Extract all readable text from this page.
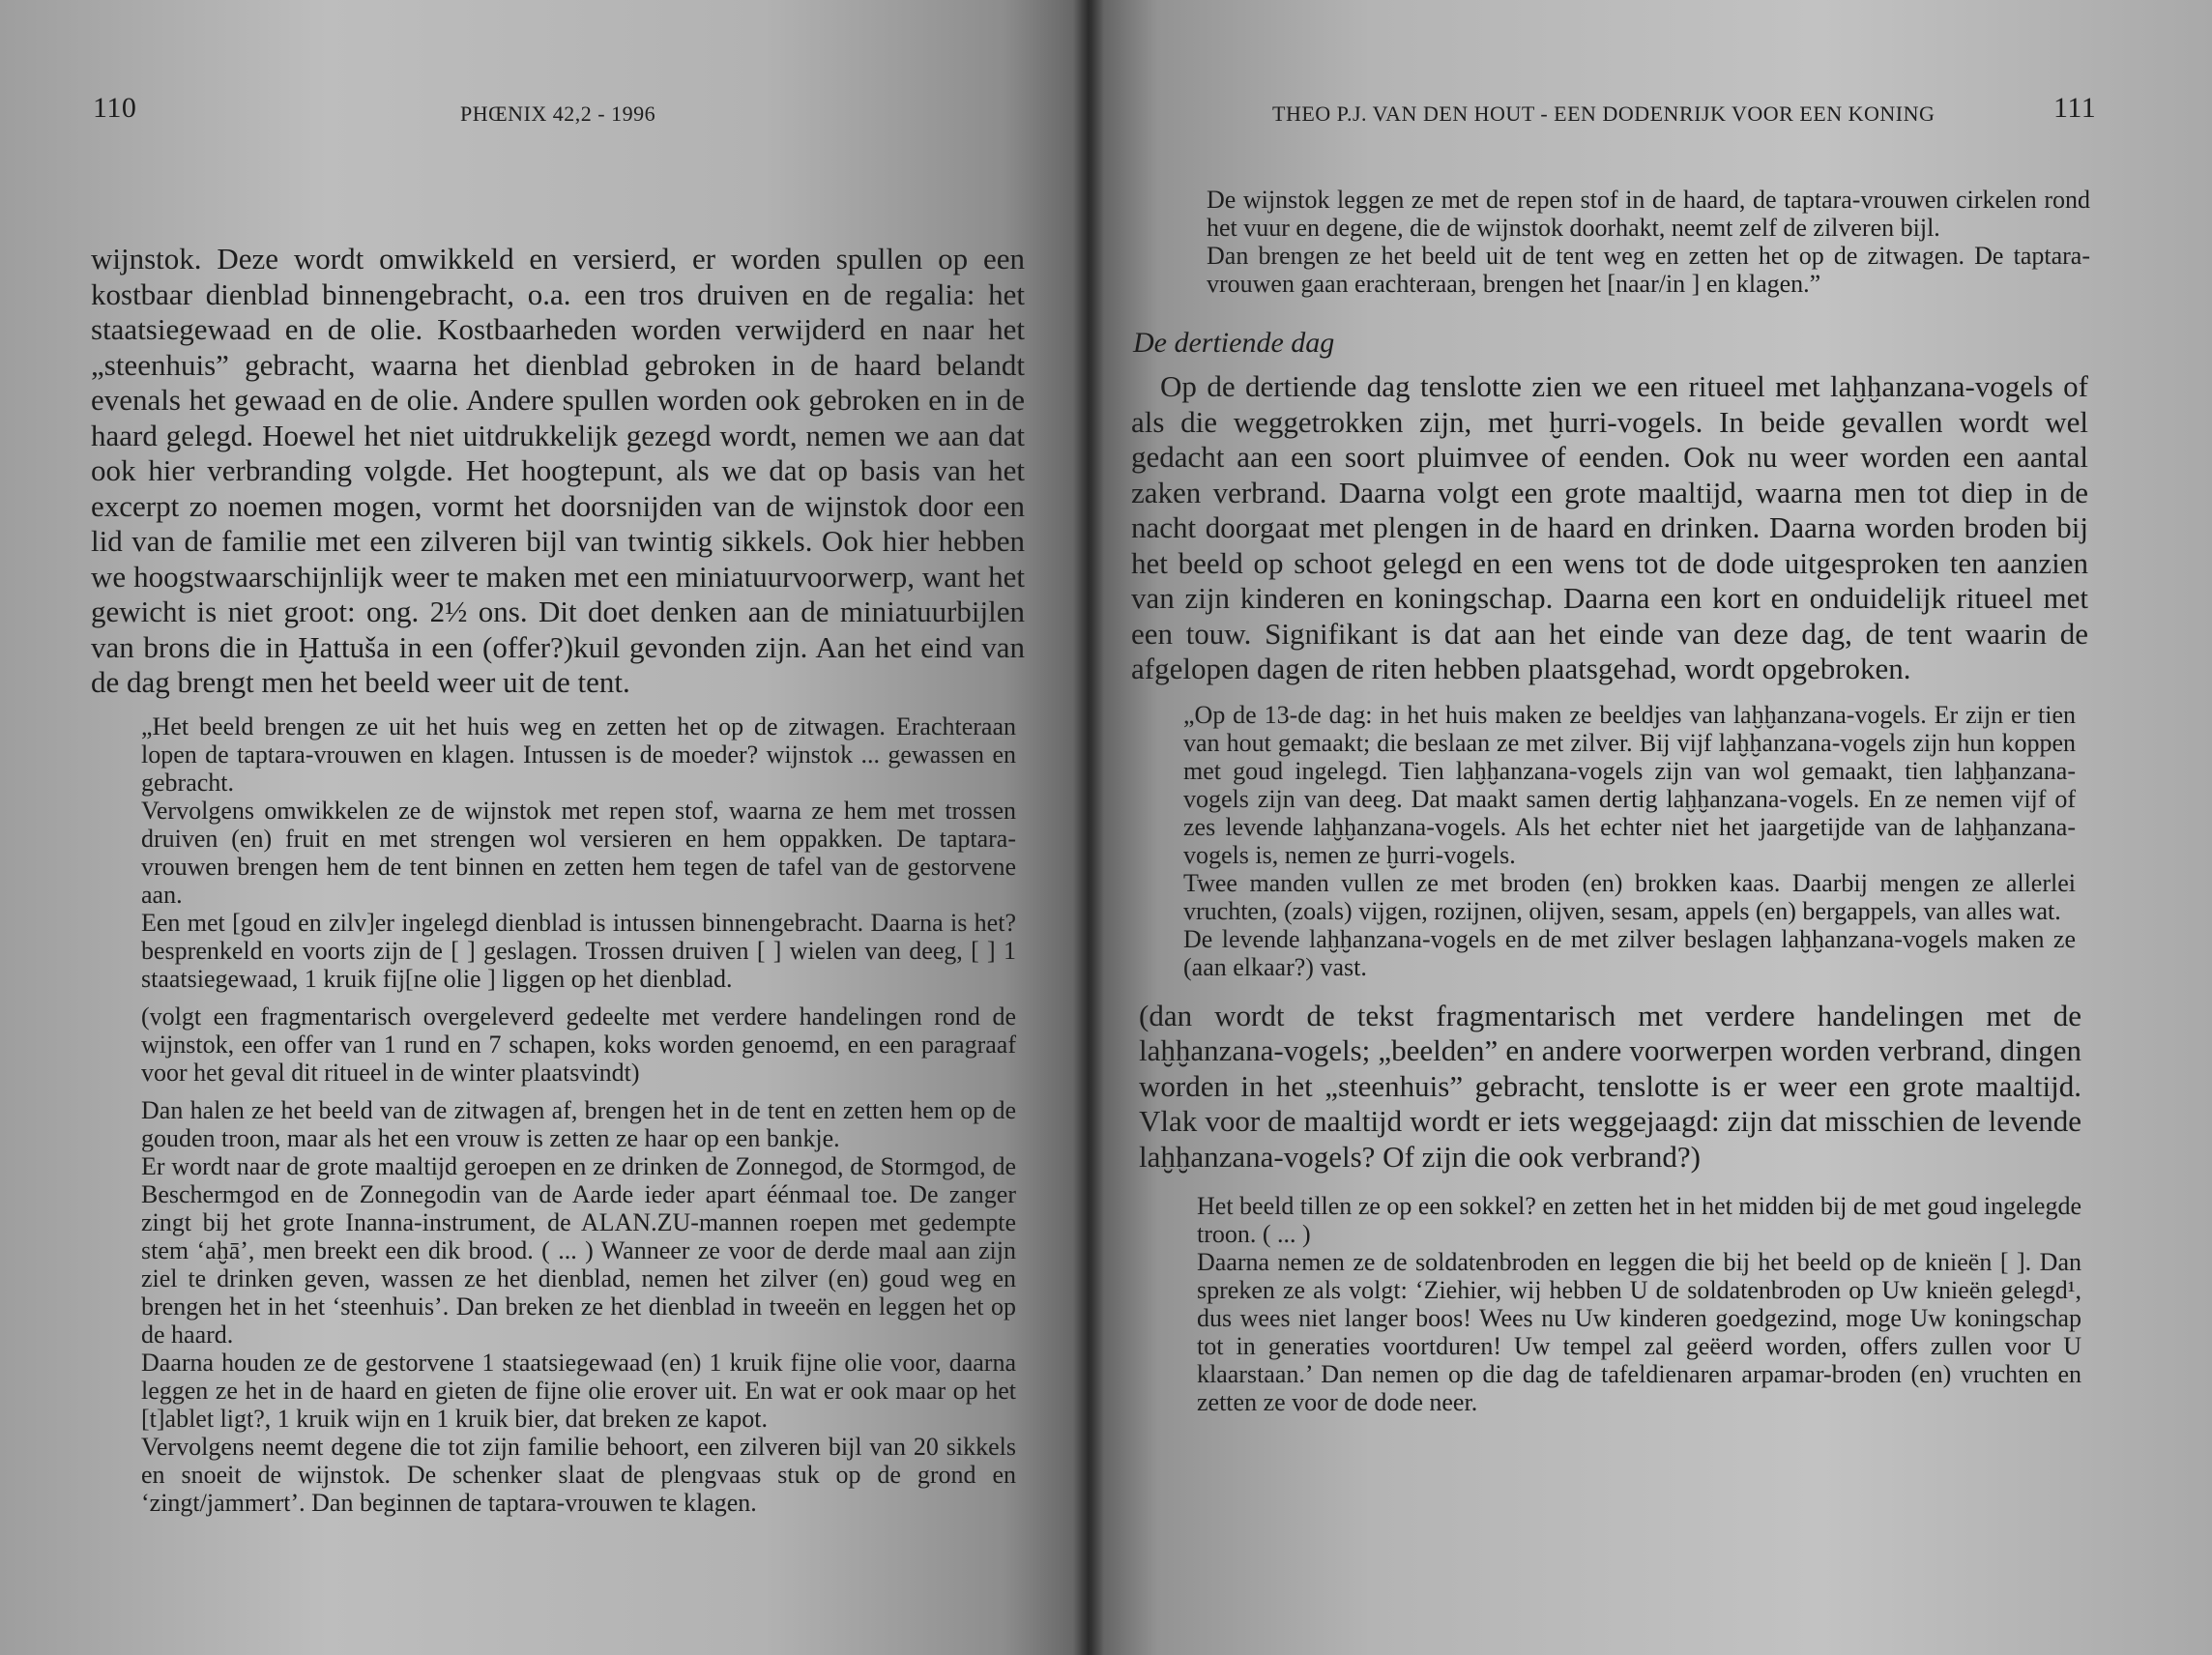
110	PHŒNIX 42,2 - 1996

wijnstok. Deze wordt omwikkeld en versierd, er worden spullen op een kostbaar dienblad binnengebracht, o.a. een tros druiven en de regalia: het staatsiegewaad en de olie. Kostbaarheden worden verwijderd en naar het „steenhuis” gebracht, waarna het dienblad gebroken in de haard belandt evenals het gewaad en de olie. Andere spullen worden ook gebroken en in de haard gelegd. Hoewel het niet uitdrukkelijk gezegd wordt, nemen we aan dat ook hier verbranding volgde. Het hoogtepunt, als we dat op basis van het excerpt zo noemen mogen, vormt het doorsnijden van de wijnstok door een lid van de familie met een zilveren bijl van twintig sikkels. Ook hier hebben we hoogstwaarschijnlijk weer te maken met een miniatuurvoorwerp, want het gewicht is niet groot: ong. 2½ ons. Dit doet denken aan de miniatuurbijlen van brons die in Ḫattuša in een (offer?)kuil gevonden zijn. Aan het eind van de dag brengt men het beeld weer uit de tent.

„Het beeld brengen ze uit het huis weg en zetten het op de zitwagen. Erachteraan lopen de taptara-vrouwen en klagen. Intussen is de moeder? wijnstok ... gewassen en gebracht.

Vervolgens omwikkelen ze de wijnstok met repen stof, waarna ze hem met trossen druiven (en) fruit en met strengen wol versieren en hem oppakken. De taptara-vrouwen brengen hem de tent binnen en zetten hem tegen de tafel van de gestorvene aan.

Een met [goud en zilv]er ingelegd dienblad is intussen binnengebracht. Daarna is het? besprenkeld en voorts zijn de [ ] geslagen. Trossen druiven [ ] wielen van deeg, [ ] 1 staatsiegewaad, 1 kruik fij[ne olie ] liggen op het dienblad.

(volgt een fragmentarisch overgeleverd gedeelte met verdere handelingen rond de wijnstok, een offer van 1 rund en 7 schapen, koks worden genoemd, en een paragraaf voor het geval dit ritueel in de winter plaatsvindt)

Dan halen ze het beeld van de zitwagen af, brengen het in de tent en zetten hem op de gouden troon, maar als het een vrouw is zetten ze haar op een bankje.

Er wordt naar de grote maaltijd geroepen en ze drinken de Zonnegod, de Stormgod, de Beschermgod en de Zonnegodin van de Aarde ieder apart éénmaal toe. De zanger zingt bij het grote Inanna-instrument, de ALAN.ZU-mannen roepen met gedempte stem ‘aḫā’, men breekt een dik brood. ( ... ) Wanneer ze voor de derde maal aan zijn ziel te drinken geven, wassen ze het dienblad, nemen het zilver (en) goud weg en brengen het in het ‘steenhuis’. Dan breken ze het dienblad in tweeën en leggen het op de haard.

Daarna houden ze de gestorvene 1 staatsiegewaad (en) 1 kruik fijne olie voor, daarna leggen ze het in de haard en gieten de fijne olie erover uit. En wat er ook maar op het [t]ablet ligt?, 1 kruik wijn en 1 kruik bier, dat breken ze kapot.

Vervolgens neemt degene die tot zijn familie behoort, een zilveren bijl van 20 sikkels en snoeit de wijnstok. De schenker slaat de plengvaas stuk op de grond en ‘zingt/jammert’. Dan beginnen de taptara-vrouwen te klagen.

THEO P.J. VAN DEN HOUT - EEN DODENRIJK VOOR EEN KONING	111

De wijnstok leggen ze met de repen stof in de haard, de taptara-vrouwen cirkelen rond het vuur en degene, die de wijnstok doorhakt, neemt zelf de zilveren bijl.

Dan brengen ze het beeld uit de tent weg en zetten het op de zitwagen. De taptara-vrouwen gaan erachteraan, brengen het [naar/in ] en klagen.”

De dertiende dag

Op de dertiende dag tenslotte zien we een ritueel met laḫḫanzana-vogels of als die weggetrokken zijn, met ḫurri-vogels. In beide gevallen wordt wel gedacht aan een soort pluimvee of eenden. Ook nu weer worden een aantal zaken verbrand. Daarna volgt een grote maaltijd, waarna men tot diep in de nacht doorgaat met plengen in de haard en drinken. Daarna worden broden bij het beeld op schoot gelegd en een wens tot de dode uitgesproken ten aanzien van zijn kinderen en koningschap. Daarna een kort en onduidelijk ritueel met een touw. Signifikant is dat aan het einde van deze dag, de tent waarin de afgelopen dagen de riten hebben plaatsgehad, wordt opgebroken.

„Op de 13-de dag: in het huis maken ze beeldjes van laḫḫanzana-vogels. Er zijn er tien van hout gemaakt; die beslaan ze met zilver. Bij vijf laḫḫanzana-vogels zijn hun koppen met goud ingelegd. Tien laḫḫanzana-vogels zijn van wol gemaakt, tien laḫḫanzana-vogels zijn van deeg. Dat maakt samen dertig laḫḫanzana-vogels. En ze nemen vijf of zes levende laḫḫanzana-vogels. Als het echter niet het jaargetijde van de laḫḫanzana-vogels is, nemen ze ḫurri-vogels.

Twee manden vullen ze met broden (en) brokken kaas. Daarbij mengen ze allerlei vruchten, (zoals) vijgen, rozijnen, olijven, sesam, appels (en) bergappels, van alles wat.

De levende laḫḫanzana-vogels en de met zilver beslagen laḫḫanzana-vogels maken ze (aan elkaar?) vast.

(dan wordt de tekst fragmentarisch met verdere handelingen met de laḫḫanzana-vogels; „beelden” en andere voorwerpen worden verbrand, dingen worden in het „steenhuis” gebracht, tenslotte is er weer een grote maaltijd. Vlak voor de maaltijd wordt er iets weggejaagd: zijn dat misschien de levende laḫḫanzana-vogels? Of zijn die ook verbrand?)

Het beeld tillen ze op een sokkel? en zetten het in het midden bij de met goud ingelegde troon. ( ... )

Daarna nemen ze de soldatenbroden en leggen die bij het beeld op de knieën [ ]. Dan spreken ze als volgt: ‘Ziehier, wij hebben U de soldatenbroden op Uw knieën gelegd¹, dus wees niet langer boos! Wees nu Uw kinderen goedgezind, moge Uw koningschap tot in generaties voortduren! Uw tempel zal geëerd worden, offers zullen voor U klaarstaan.’ Dan nemen op die dag de tafeldienaren arpamar-broden (en) vruchten en zetten ze voor de dode neer.
